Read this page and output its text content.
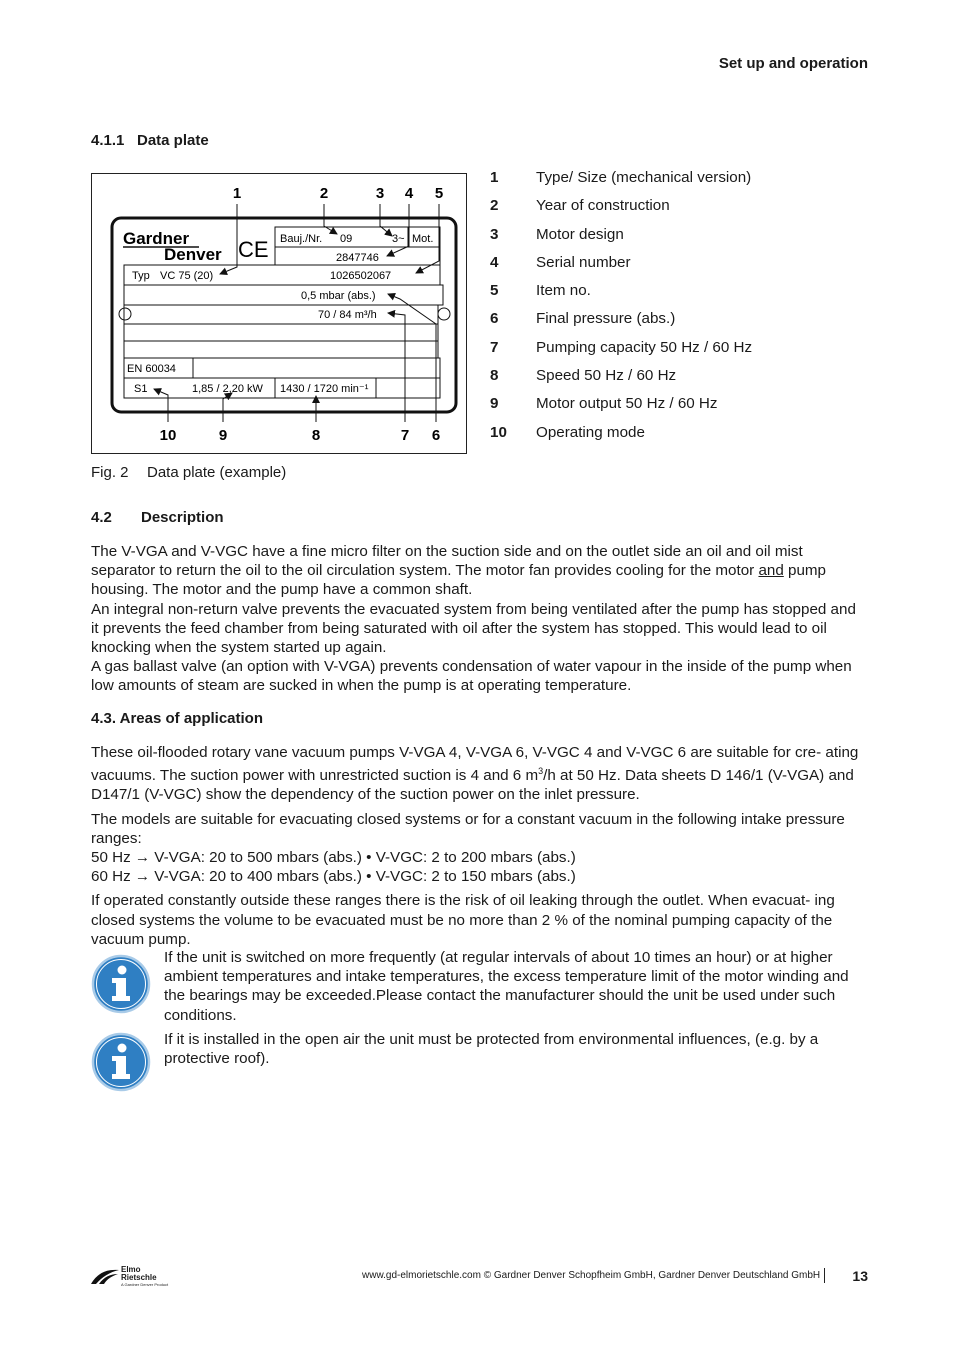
Set up and operation
4.1.1 Data plate
1	2	3 4 5
10	9	8	7 6
Gardner
Denver CE Bauj./Nr. 09	3~ Mot.
2847746
Typ VC 75 (20)	1026502067
0,5 mbar (abs.)
70 / 84 m³/h
EN 60034
S1	1,85 / 2,20 kW 1430 / 1720 min⁻¹
1	Type/ Size (mechanical version)
2	Year of construction
3	Motor design
4	Serial number
5	Item no.
6	Final pressure (abs.)
7	Pumping capacity 50 Hz / 60 Hz
8	Speed 50 Hz / 60 Hz
9	Motor output 50 Hz / 60 Hz
10	Operating mode
Fig. 2 Data plate (example)
4.2 Description

The V-VGA and V-VGC have a fine micro filter on the suction side and on the outlet side an oil and oil mist separator to return the oil to the oil circulation system. The motor fan provides cooling for the motor and pump housing. The motor and the pump have a common shaft.

An integral non-return valve prevents the evacuated system from being ventilated after the pump has stopped and it prevents the feed chamber from being saturated with oil after the system has stopped. This would lead to oil knocking when the system started up again.

A gas ballast valve (an option with V-VGA) prevents condensation of water vapour in the inside of the pump when low amounts of steam are sucked in when the pump is at operating temperature.

4.3. Areas of application

These oil-flooded rotary vane vacuum pumps V-VGA 4, V-VGA 6, V-VGC 4 and V-VGC 6 are suitable for cre- ating vacuums. The suction power with unrestricted suction is 4 and 6 $m^3/h$ at 50 Hz. Data sheets D 146/1 (V-VGA) and D147/1 (V-VGC) show the dependency of the suction power on the inlet pressure.

The models are suitable for evacuating closed systems or for a constant vacuum in the following intake pressure ranges:

50 Hz → V-VGA: 20 to 500 mbars (abs.) • V-VGC: 2 to 200 mbars (abs.)

60 Hz → V-VGA: 20 to 400 mbars (abs.) • V-VGC: 2 to 150 mbars (abs.)

If operated constantly outside these ranges there is the risk of oil leaking through the outlet. When evacuat- ing closed systems the volume to be evacuated must be no more than 2 % of the nominal pumping capacity of the vacuum pump.

If the unit is switched on more frequently (at regular intervals of about 10 times an hour) or at higher ambient temperatures and intake temperatures, the excess temperature limit of the motor winding and the bearings may be exceeded.Please contact the manufacturer should the unit be used under such conditions.
If it is installed in the open air the unit must be protected from environmental influences, (e.g. by a protective roof).
Elmo
Rietschle
A Gardner Denver Product
www.gd-elmorietschle.com © Gardner Denver Schopfheim GmbH, Gardner Denver Deutschland GmbH 13
